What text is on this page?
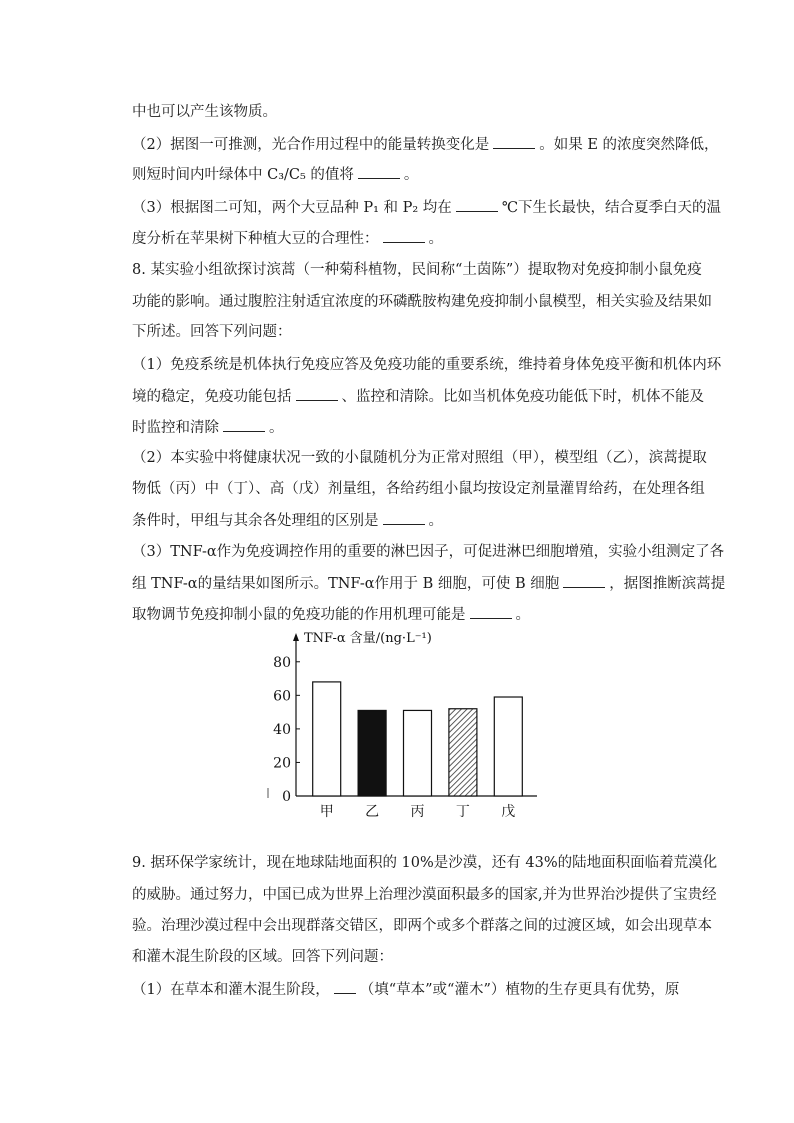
中也可以产生该物质。
（2）据图一可推测，光合作用过程中的能量转换变化是	。如果 E 的浓度突然降低，
则短时间内叶绿体中 C₃/C₅ 的值将	。
（3）根据图二可知，两个大豆品种 P₁ 和 P₂ 均在	℃下生长最快，结合夏季白天的温
度分析在苹果树下种植大豆的合理性：	。
8. 某实验小组欲探讨滨蒿（一种菊科植物，民间称“土茵陈”）提取物对免疫抑制小鼠免疫
功能的影响。通过腹腔注射适宜浓度的环磷酰胺构建免疫抑制小鼠模型，相关实验及结果如
下所述。回答下列问题：
（1）免疫系统是机体执行免疫应答及免疫功能的重要系统，维持着身体免疫平衡和机体内环
境的稳定，免疫功能包括	、监控和清除。比如当机体免疫功能低下时，机体不能及
时监控和清除	。
（2）本实验中将健康状况一致的小鼠随机分为正常对照组（甲），模型组（乙），滨蒿提取
物低（丙）中（丁）、高（戊）剂量组，各给药组小鼠均按设定剂量灌胃给药，在处理各组
条件时，甲组与其余各处理组的区别是	。
（3）TNF-α作为免疫调控作用的重要的淋巴因子，可促进淋巴细胞增殖，实验小组测定了各
组 TNF-α的量结果如图所示。TNF-α作用于 B 细胞，可使 B 细胞	，据图推断滨蒿提
取物调节免疫抑制小鼠的免疫功能的作用机理可能是	。
TNF-α 含量/(ng·L⁻¹)
0
20
40
60
80
甲 乙 丙 丁 戊
9. 据环保学家统计，现在地球陆地面积的 10%是沙漠，还有 43%的陆地面积面临着荒漠化
的威胁。通过努力，中国已成为世界上治理沙漠面积最多的国家,并为世界治沙提供了宝贵经
验。治理沙漠过程中会出现群落交错区，即两个或多个群落之间的过渡区域，如会出现草本
和灌木混生阶段的区域。回答下列问题：
（1）在草本和灌木混生阶段， （填“草本”或“灌木”）植物的生存更具有优势，原
